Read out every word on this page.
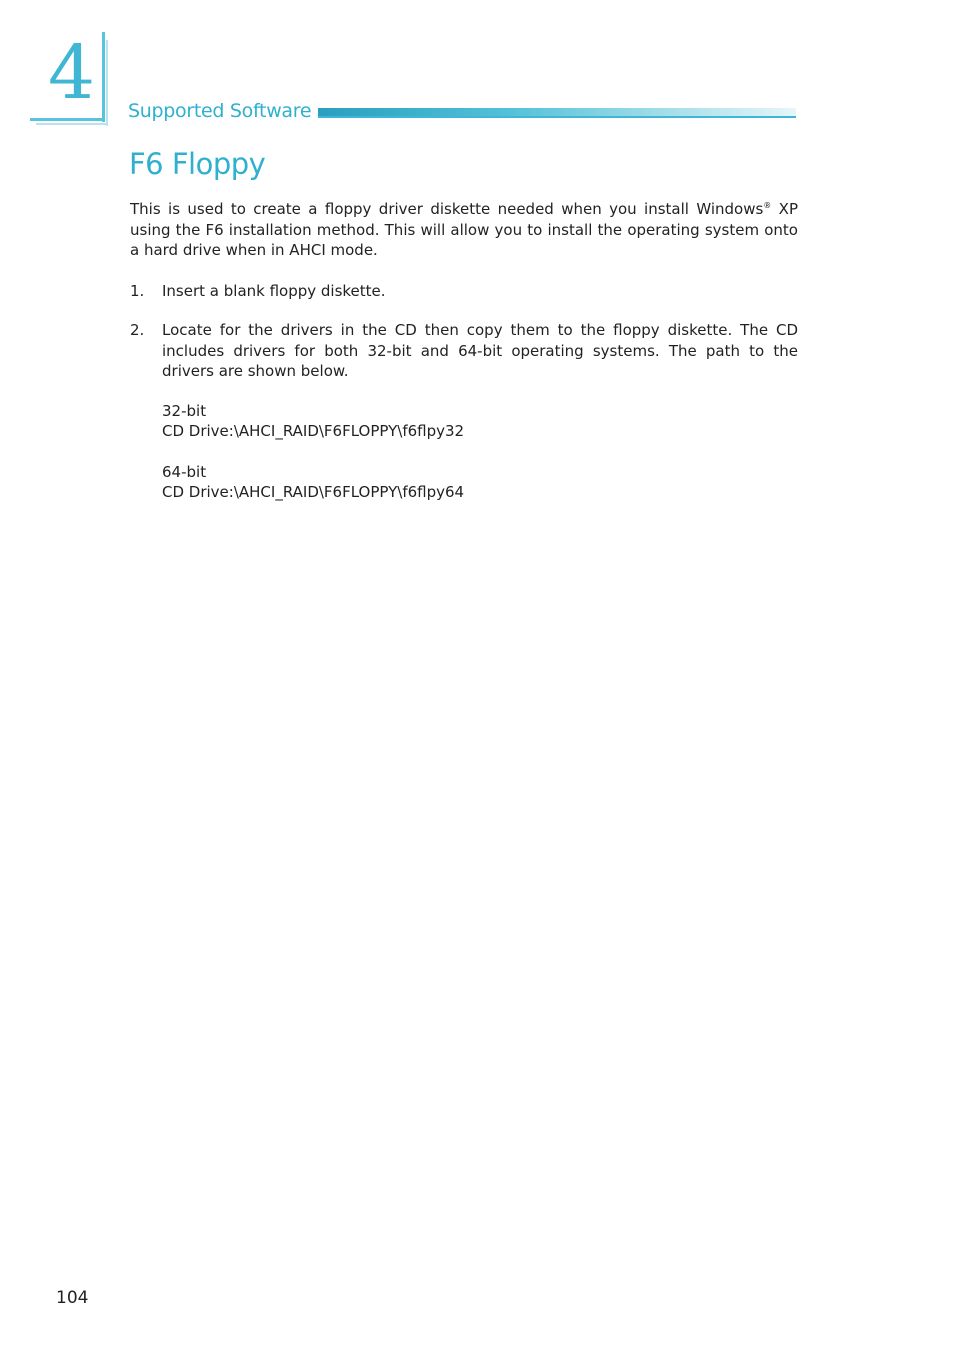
4 Supported Software
F6 Floppy

This is used to create a floppy driver diskette needed when you install Windows® XP using the F6 installation method. This will allow you to install the operating system onto a hard drive when in AHCI mode.

1. Insert a blank floppy diskette.
2. Locate for the drivers in the CD then copy them to the floppy diskette. The CD includes drivers for both 32-bit and 64-bit operating systems. The path to the drivers are shown below.
32-bit
CD Drive:\AHCI_RAID\F6FLOPPY\f6flpy32
64-bit
CD Drive:\AHCI_RAID\F6FLOPPY\f6flpy64
104
